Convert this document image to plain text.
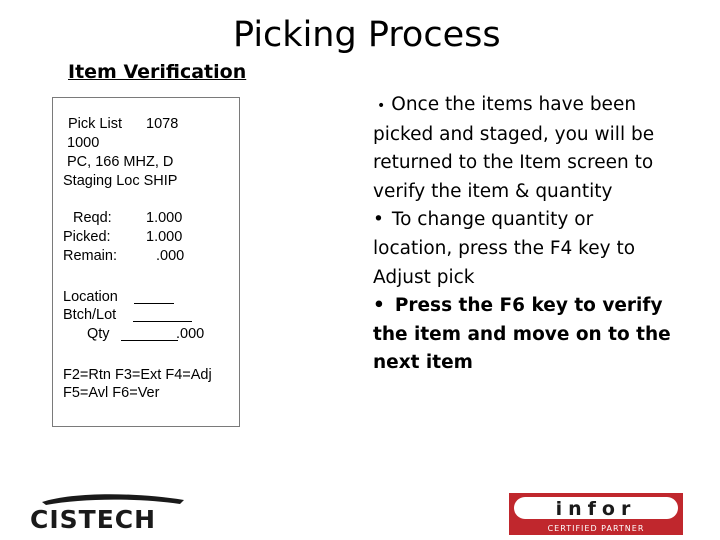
Picking Process
Item Verification
Pick List 1078
1000
PC, 166 MHZ, D
Staging Loc SHIP
Reqd: 1.000
Picked: 1.000
Remain:	.000
Location
Btch/Lot
Qty	.000
F2=Rtn F3=Ext F4=Adj
F5=Avl F6=Ver

• Once the items have been picked and staged, you will be returned to the Item screen to verify the item & quantity

• To change quantity or location, press the F4 key to Adjust pick

• Press the F6 key to verify the item and move on to the next item

CISTECH	infor
CERTIFIED PARTNER
